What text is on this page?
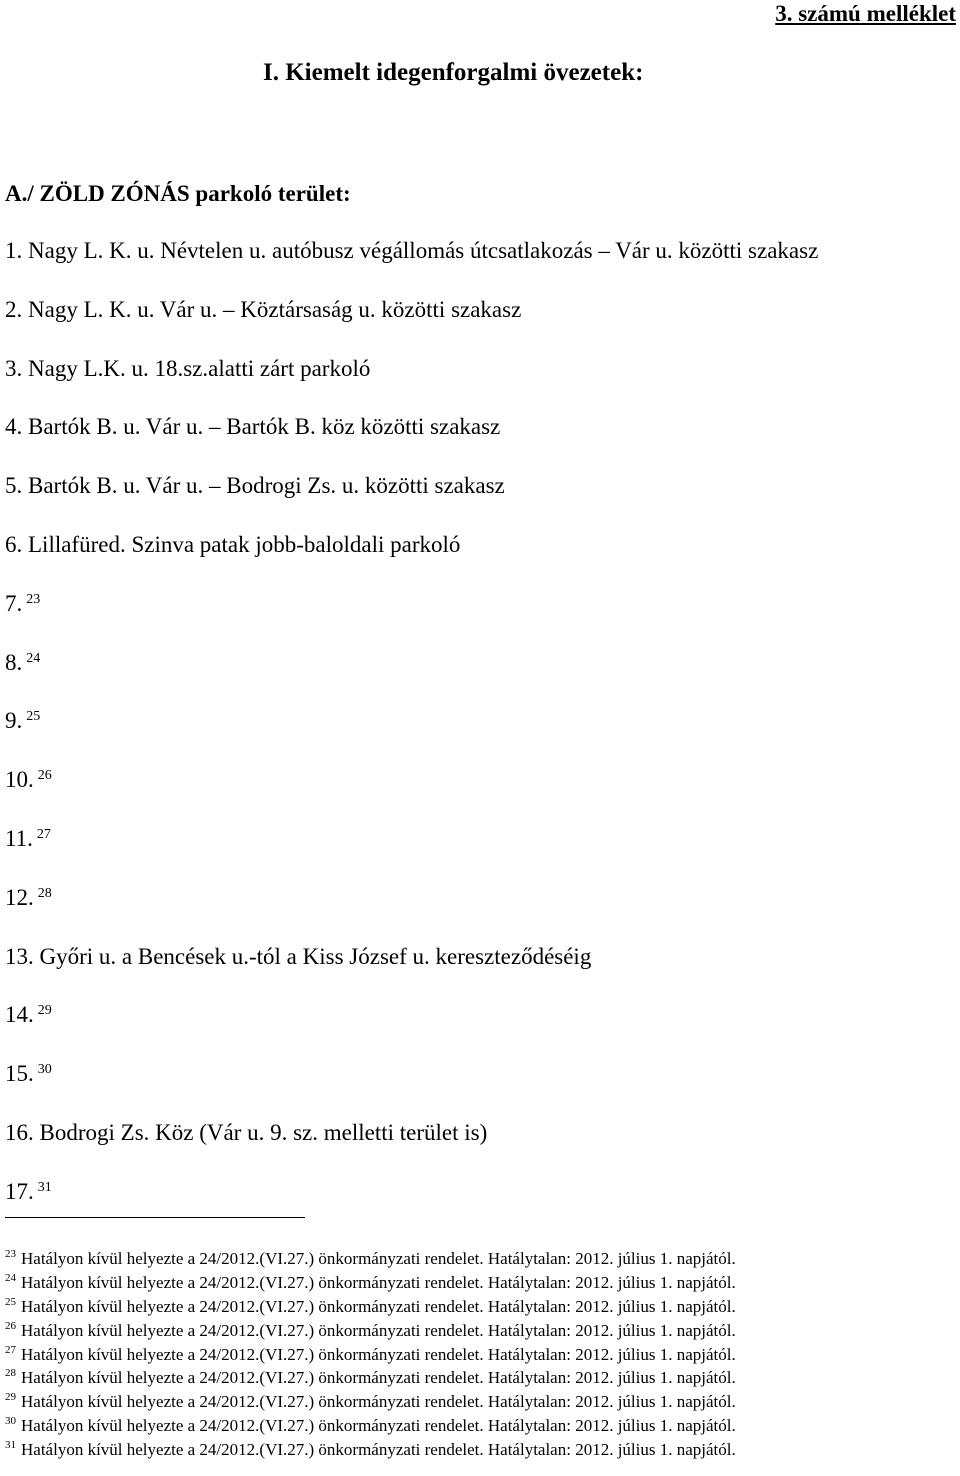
3. számú melléklet
I. Kiemelt idegenforgalmi övezetek:
A./ ZÖLD ZÓNÁS parkoló terület:
1. Nagy L. K. u. Névtelen u. autóbusz végállomás útcsatlakozás – Vár u. közötti szakasz
2. Nagy L. K. u. Vár u. – Köztársaság u. közötti szakasz
3. Nagy L.K. u. 18.sz.alatti zárt parkoló
4. Bartók B. u. Vár u. – Bartók B. köz közötti szakasz
5. Bartók B. u. Vár u. – Bodrogi Zs. u. közötti szakasz
6. Lillafüred. Szinva patak jobb-baloldali parkoló
7. $^{23}$
8. $^{24}$
9. $^{25}$
10. $^{26}$
11. $^{27}$
12. $^{28}$
13. Győri u. a Bencések u.-tól a Kiss József u. kereszteződéséig
14. $^{29}$
15. $^{30}$
16. Bodrogi Zs. Köz (Vár u. 9. sz. melletti terület is)
17. $^{31}$
$^{23}$ Hatályon kívül helyezte a 24/2012.(VI.27.) önkormányzati rendelet. Hatálytalan: 2012. július 1. napjától.
$^{24}$ Hatályon kívül helyezte a 24/2012.(VI.27.) önkormányzati rendelet. Hatálytalan: 2012. július 1. napjától.
$^{25}$ Hatályon kívül helyezte a 24/2012.(VI.27.) önkormányzati rendelet. Hatálytalan: 2012. július 1. napjától.
$^{26}$ Hatályon kívül helyezte a 24/2012.(VI.27.) önkormányzati rendelet. Hatálytalan: 2012. július 1. napjától.
$^{27}$ Hatályon kívül helyezte a 24/2012.(VI.27.) önkormányzati rendelet. Hatálytalan: 2012. július 1. napjától.
$^{28}$ Hatályon kívül helyezte a 24/2012.(VI.27.) önkormányzati rendelet. Hatálytalan: 2012. július 1. napjától.
$^{29}$ Hatályon kívül helyezte a 24/2012.(VI.27.) önkormányzati rendelet. Hatálytalan: 2012. július 1. napjától.
$^{30}$ Hatályon kívül helyezte a 24/2012.(VI.27.) önkormányzati rendelet. Hatálytalan: 2012. július 1. napjától.
$^{31}$ Hatályon kívül helyezte a 24/2012.(VI.27.) önkormányzati rendelet. Hatálytalan: 2012. július 1. napjától.
